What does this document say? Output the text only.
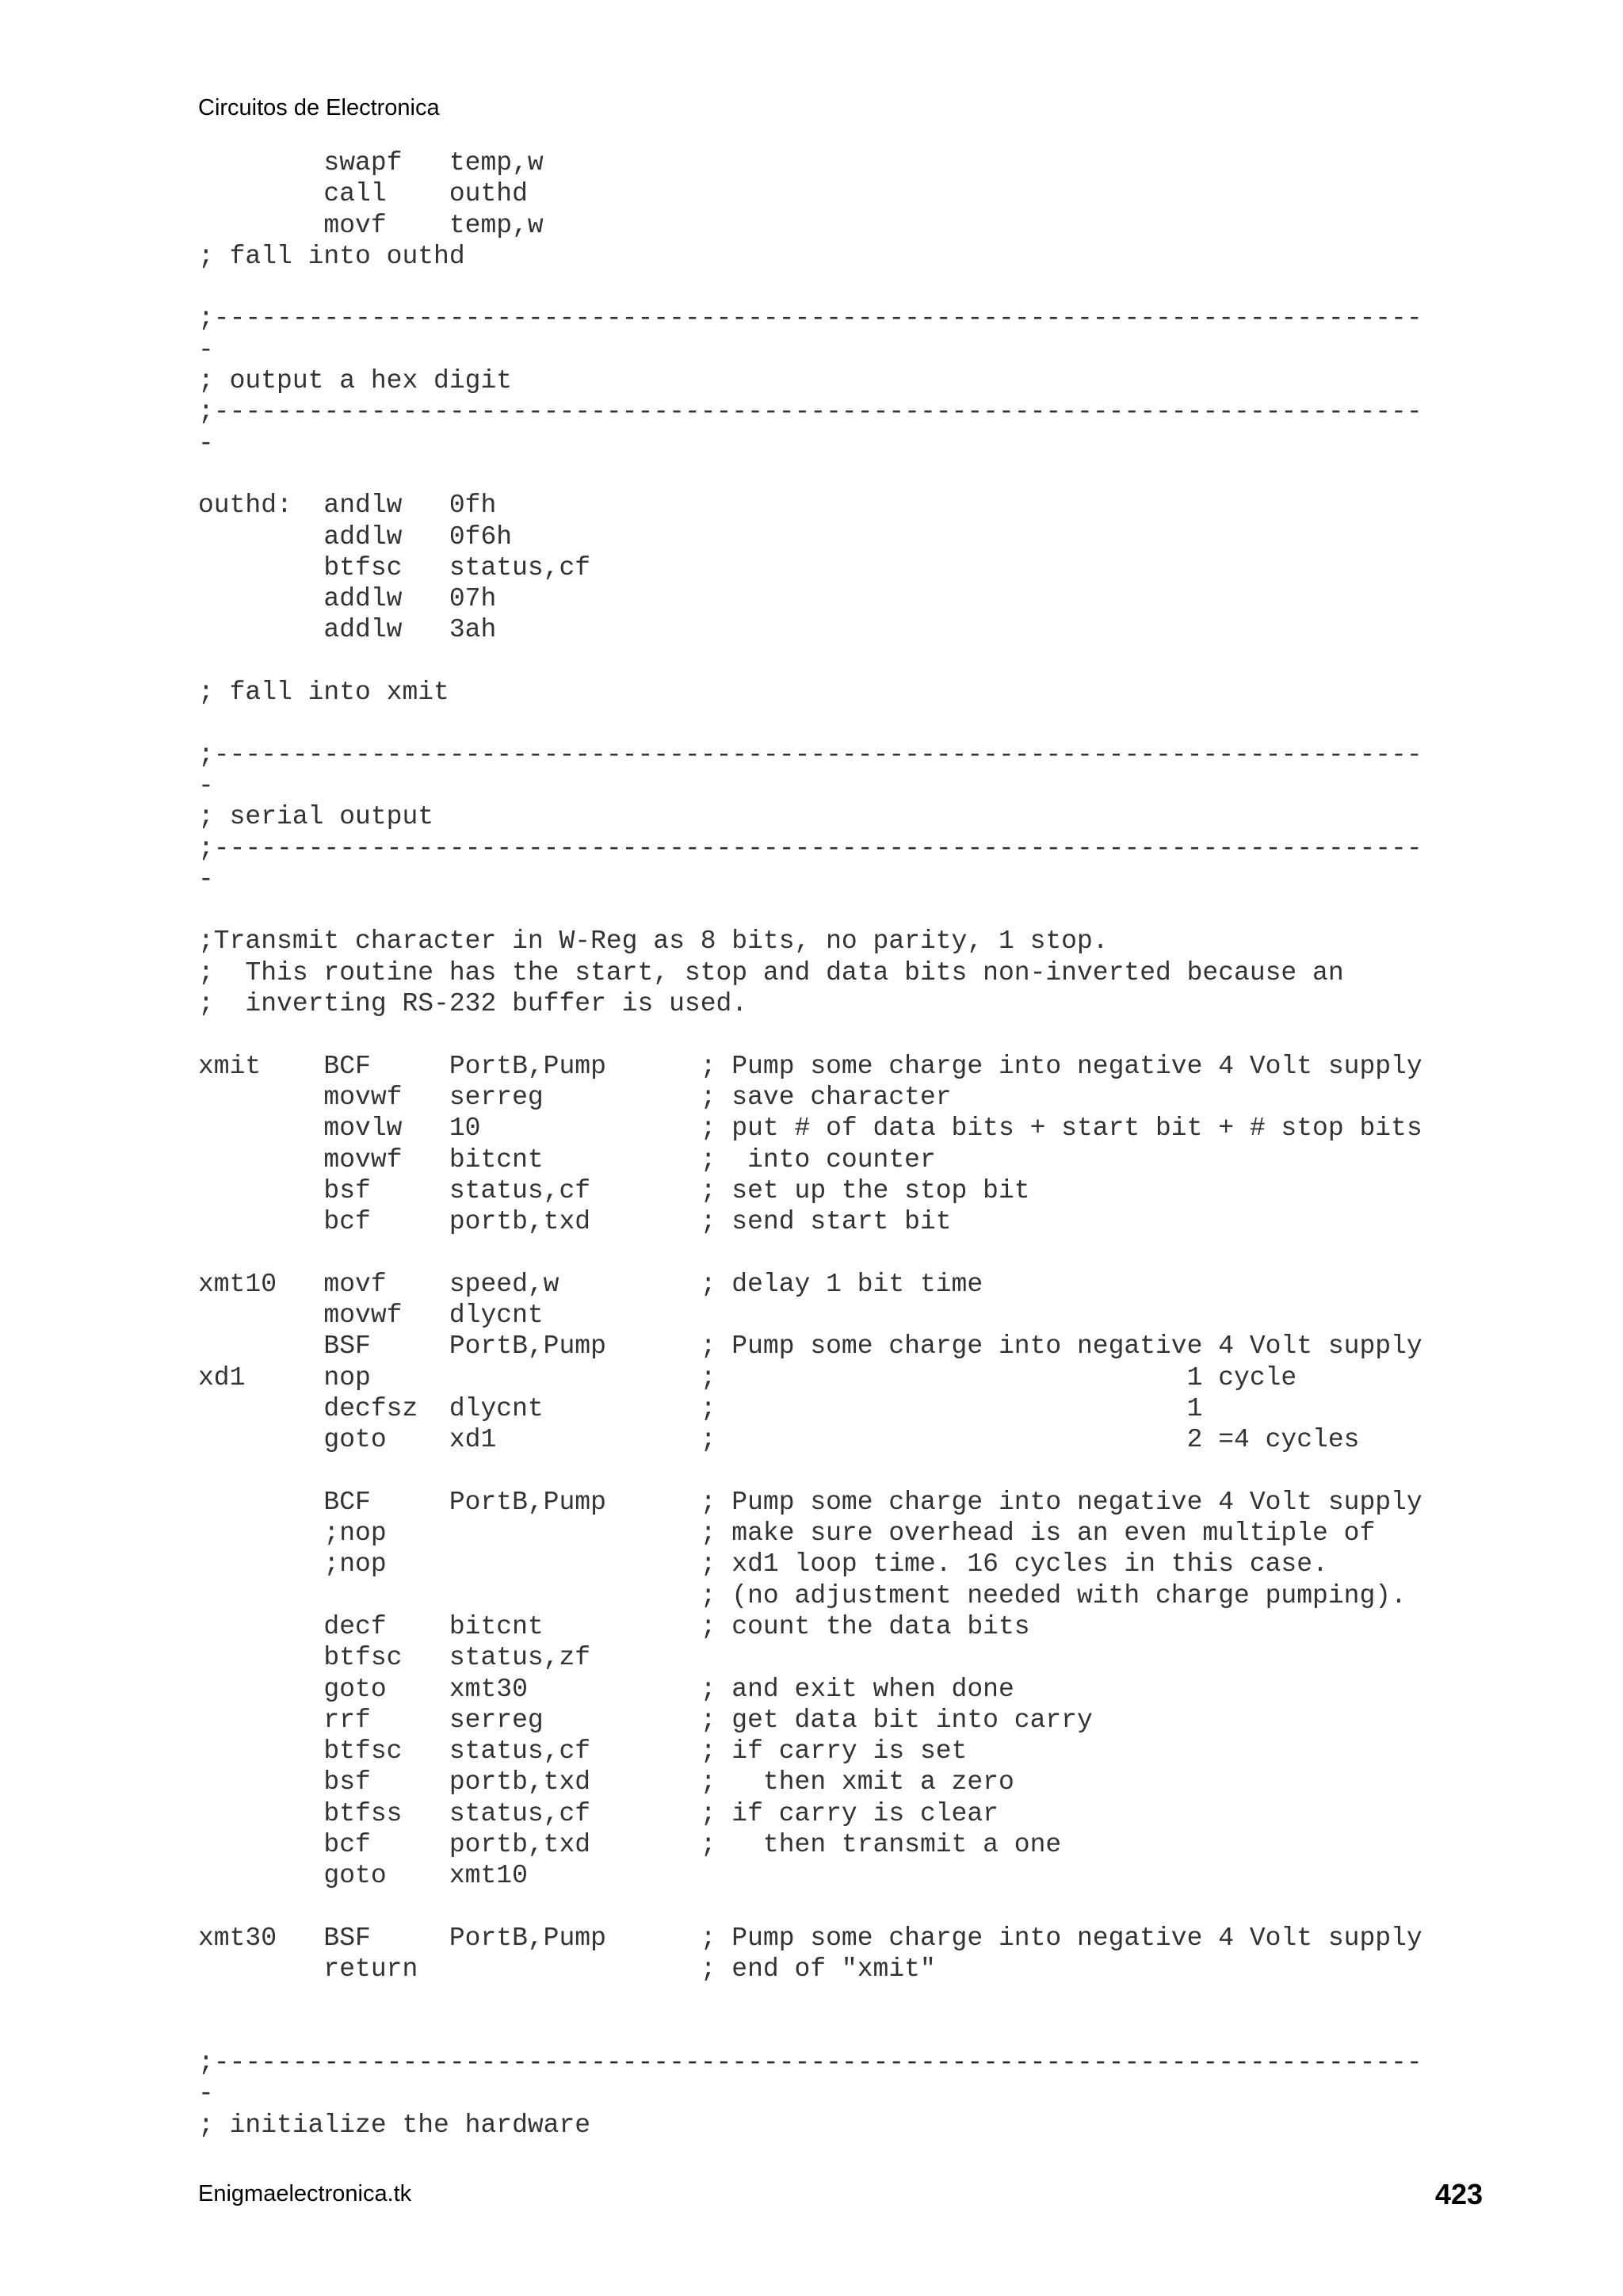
Circuitos de Electronica
swapf   temp,w
call    outhd
movf    temp,w
; fall into outhd
;-----------------------------------------------------------------------------
-
; output a hex digit
;-----------------------------------------------------------------------------
-
outhd:  andlw   0fh
addlw   0f6h
btfsc   status,cf
addlw   07h
addlw   3ah
; fall into xmit
;-----------------------------------------------------------------------------
-
; serial output
;-----------------------------------------------------------------------------
-
;Transmit character in W-Reg as 8 bits, no parity, 1 stop.
;  This routine has the start, stop and data bits non-inverted because an
;  inverting RS-232 buffer is used.
xmit    BCF     PortB,Pump      ; Pump some charge into negative 4 Volt supply
movwf   serreg          ; save character
movlw   10              ; put # of data bits + start bit + # stop bits
movwf   bitcnt          ;  into counter
bsf     status,cf       ; set up the stop bit
bcf     portb,txd       ; send start bit
xmt10   movf    speed,w         ; delay 1 bit time
movwf   dlycnt
BSF     PortB,Pump      ; Pump some charge into negative 4 Volt supply
xd1     nop                     ;                              1 cycle
decfsz  dlycnt          ;                              1
goto    xd1             ;                              2 =4 cycles
BCF     PortB,Pump      ; Pump some charge into negative 4 Volt supply
;nop                    ; make sure overhead is an even multiple of
;nop                    ; xd1 loop time. 16 cycles in this case.
; (no adjustment needed with charge pumping).
decf    bitcnt          ; count the data bits
btfsc   status,zf
goto    xmt30           ; and exit when done
rrf     serreg          ; get data bit into carry
btfsc   status,cf       ; if carry is set
bsf     portb,txd       ;   then xmit a zero
btfss   status,cf       ; if carry is clear
bcf     portb,txd       ;   then transmit a one
goto    xmt10
xmt30   BSF     PortB,Pump      ; Pump some charge into negative 4 Volt supply
return                  ; end of "xmit"
;-----------------------------------------------------------------------------
-
; initialize the hardware
Enigmaelectronica.tk	423
